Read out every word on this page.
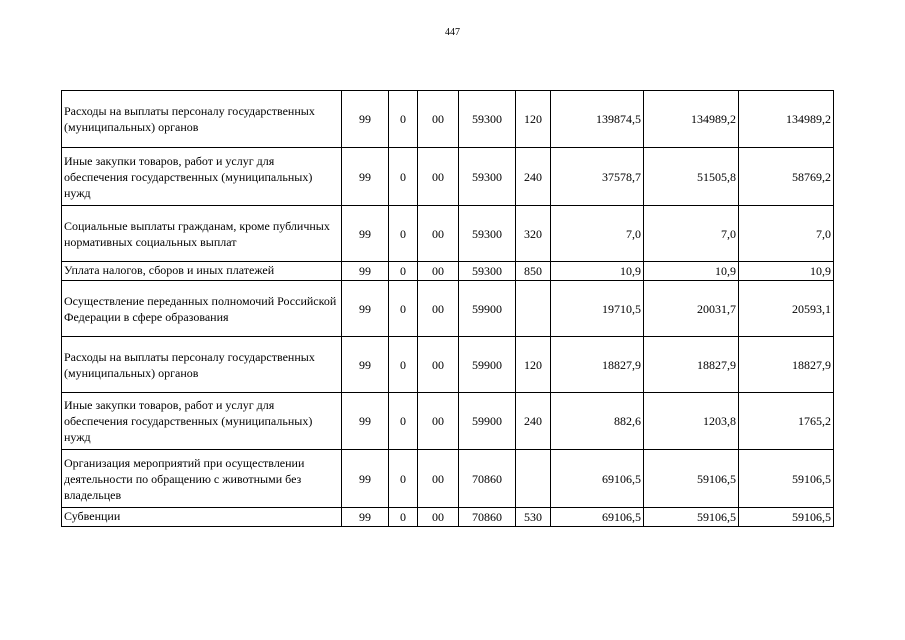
447
Расходы на выплаты персоналу государственных (муниципальных) органов	99	0	00	59300	120	139874,5	134989,2	134989,2
Иные закупки товаров, работ и услуг для обеспечения государственных (муниципальных) нужд	99	0	00	59300	240	37578,7	51505,8	58769,2
Социальные выплаты гражданам, кроме публичных нормативных социальных выплат	99	0	00	59300	320	7,0	7,0	7,0
Уплата налогов, сборов и иных платежей	99	0	00	59300	850	10,9	10,9	10,9
Осуществление переданных полномочий Российской Федерации в сфере образования	99	0	00	59900		19710,5	20031,7	20593,1
Расходы на выплаты персоналу государственных (муниципальных) органов	99	0	00	59900	120	18827,9	18827,9	18827,9
Иные закупки товаров, работ и услуг для обеспечения государственных (муниципальных) нужд	99	0	00	59900	240	882,6	1203,8	1765,2
Организация мероприятий при осуществлении деятельности по обращению с животными без владельцев	99	0	00	70860		69106,5	59106,5	59106,5
Субвенции	99	0	00	70860	530	69106,5	59106,5	59106,5
